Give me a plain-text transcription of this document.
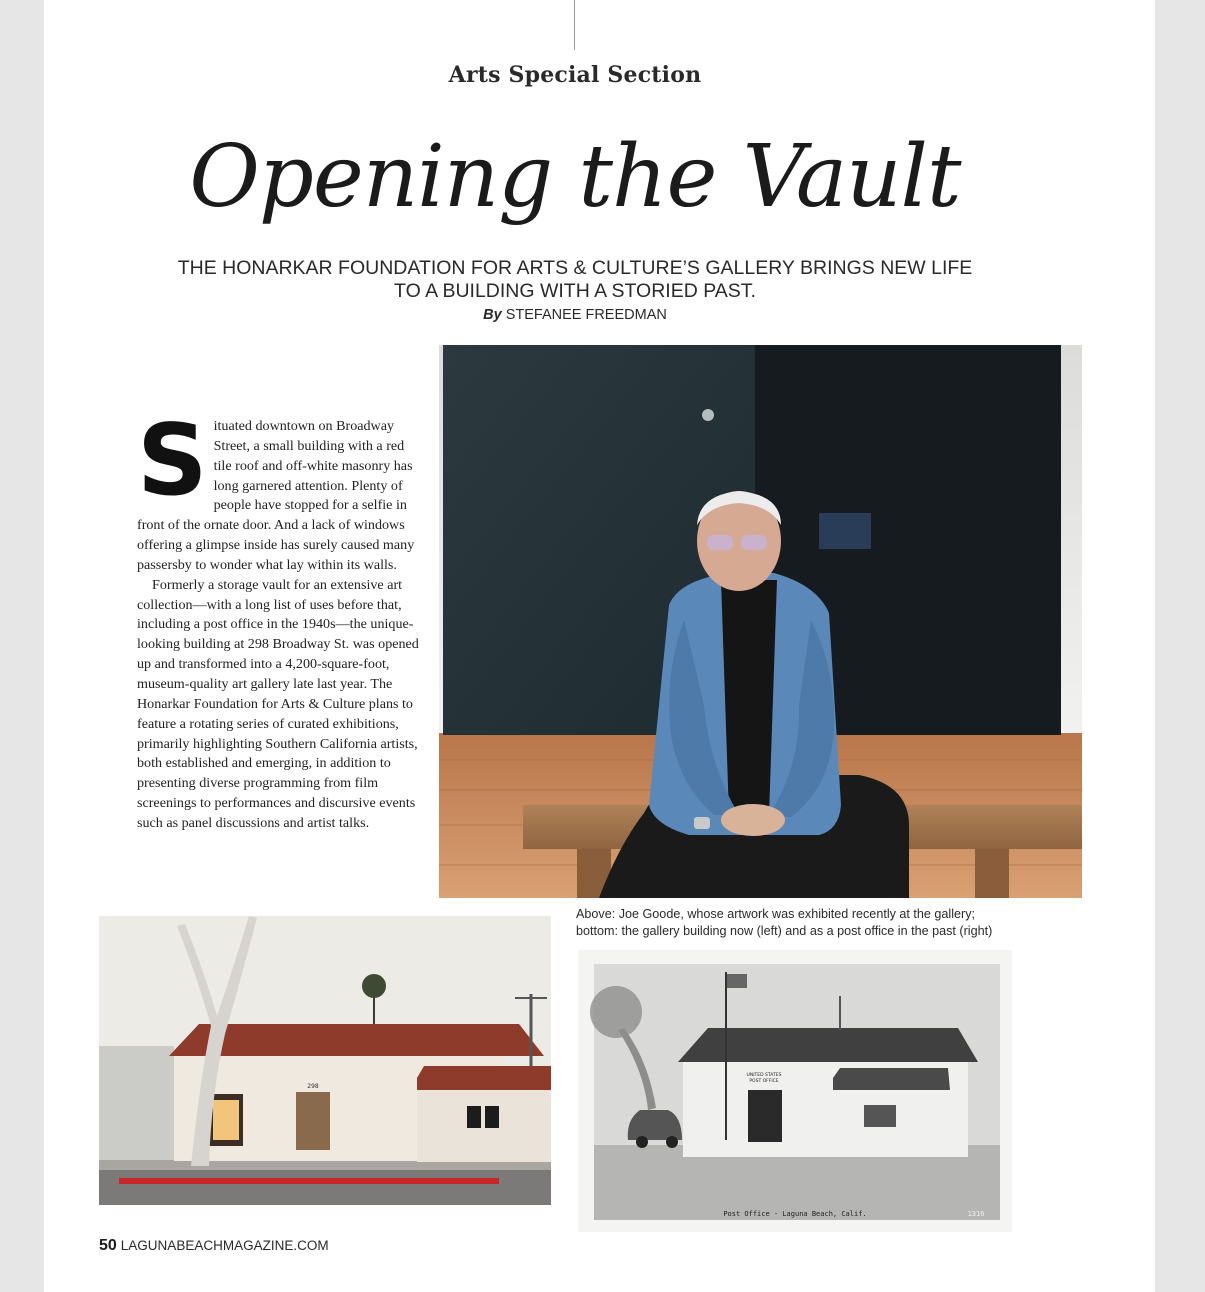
Arts Special Section
Opening the Vault
THE HONARKAR FOUNDATION FOR ARTS & CULTURE’S GALLERY BRINGS NEW LIFE
TO A BUILDING WITH A STORIED PAST.
By STEFANEE FREEDMAN

Situated downtown on Broadway Street, a small building with a red tile roof and off-white masonry has long garnered attention. Plenty of people have stopped for a selfie in front of the ornate door. And a lack of windows offering a glimpse inside has surely caused many passersby to wonder what lay within its walls.

Formerly a storage vault for an extensive art collection—with a long list of uses before that, including a post office in the 1940s—the unique-looking building at 298 Broadway St. was opened up and transformed into a 4,200-square-foot, museum-quality art gallery late last year. The Honarkar Foundation for Arts & Culture plans to feature a rotating series of curated exhibitions, primarily highlighting Southern California artists, both established and emerging, in addition to presenting diverse programming from film screenings to performances and discursive events such as panel discussions and artist talks.

298
Above: Joe Goode, whose artwork was exhibited recently at the gallery;
bottom: the gallery building now (left) and as a post office in the past (right)
UNITED STATES
POST OFFICE
Post Office - Laguna Beach, Calif.	1316
50 LAGUNABEACHMAGAZINE.COM
